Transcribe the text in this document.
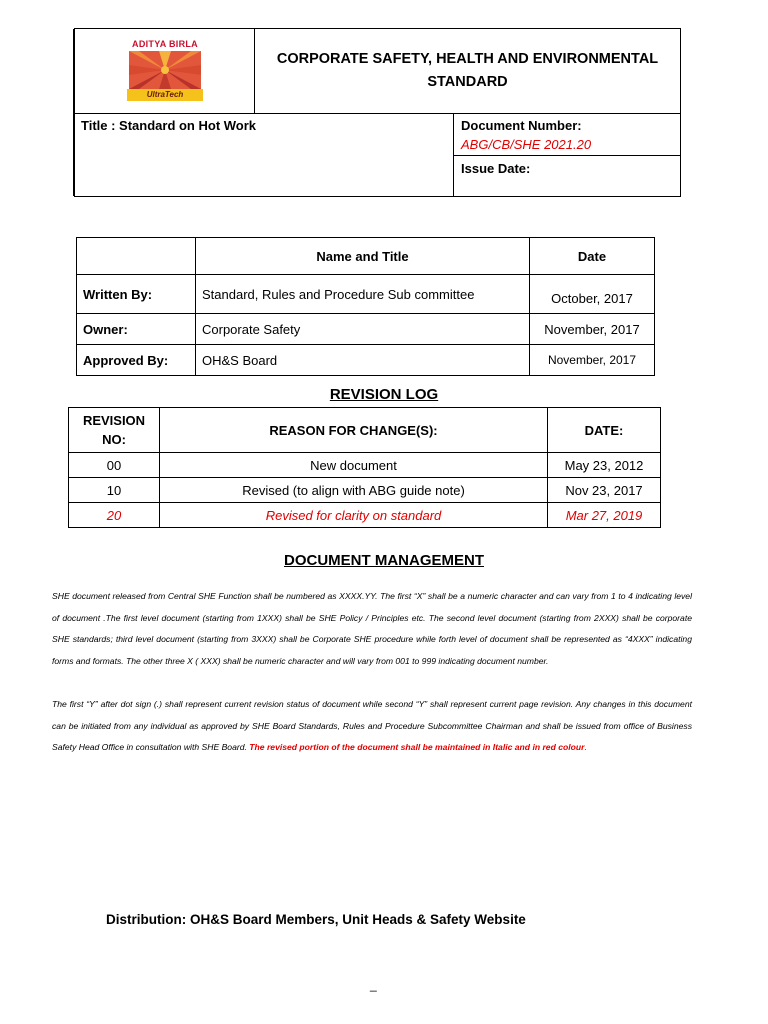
ADITYA BIRLA
UltraTech
CORPORATE SAFETY, HEALTH AND ENVIRONMENTAL STANDARD
Title : Standard on Hot Work	Document Number:
ABG/CB/SHE 2021.20
Issue Date:
	Name and Title	Date
Written By:	Standard, Rules and Procedure Sub committee	October, 2017
Owner:	Corporate Safety	November, 2017
Approved By:	OH&S Board	November, 2017
REVISION LOG
REVISION NO:	REASON FOR CHANGE(S):	DATE:
00	New document	May 23, 2012
10	Revised (to align with ABG guide note)	Nov 23, 2017
20	Revised for clarity on standard	Mar 27, 2019
DOCUMENT MANAGEMENT
SHE document released from Central SHE Function shall be numbered as XXXX.YY. The first “X” shall be a numeric character and can vary from 1 to 4 indicating level of document .The first level document (starting from 1XXX) shall be SHE Policy / Principles etc. The second level document (starting from 2XXX) shall be corporate SHE standards; third level document (starting from 3XXX) shall be Corporate SHE procedure while forth level of document shall be represented as “4XXX” indicating forms and formats. The other three X ( XXX) shall be numeric character and will vary from 001 to 999 indicating document number.
The first “Y” after dot sign (.) shall represent current revision status of document while second “Y” shall represent current page revision. Any changes in this document can be initiated from any individual as approved by SHE Board Standards, Rules and Procedure Subcommittee Chairman and shall be issued from office of Business Safety Head Office in consultation with SHE Board. The revised portion of the document shall be maintained in Italic and in red colour.
Distribution: OH&S Board Members, Unit Heads & Safety Website
_
